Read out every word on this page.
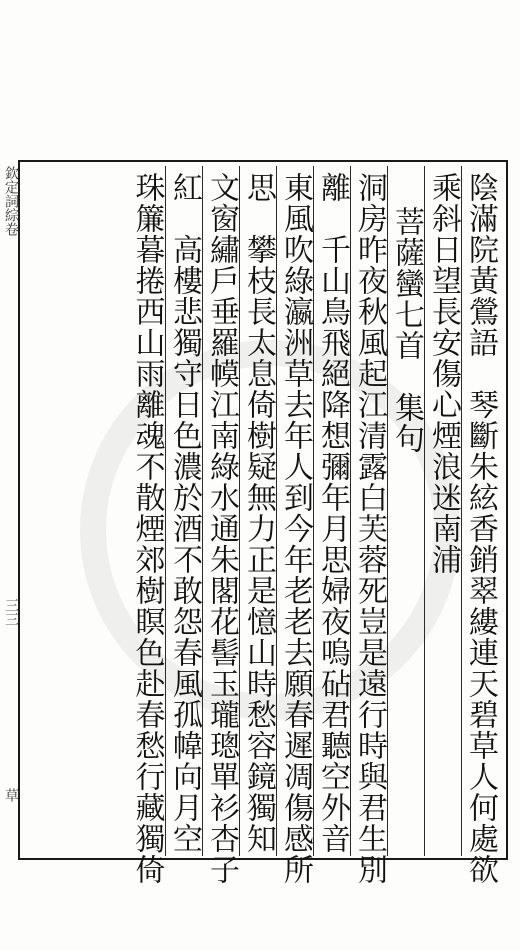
欽定詞綜卷  三三  草	陰滿院黃鶯語　琴斷朱絃香銷翠縷連天碧草人何處欲
乘斜日望長安傷心煙浪迷南浦
菩薩蠻七首　集句
洞房昨夜秋風起江清露白芙蓉死豈是遠行時與君生別
離　千山鳥飛絕降想彌年月思婦夜嗚砧君聽空外音
東風吹綠瀛洲草去年人到今年老老去願春遲凋傷感所
思　攀枝長太息倚樹疑無力正是憶山時愁容鏡獨知
文窗繡戶垂羅幙江南綠水通朱閣花髻玉瓏璁單衫杏子
紅　高樓悲獨守日色濃於酒不敢怨春風孤幃向月空
珠簾暮捲西山雨離魂不散煙郊樹瞑色赴春愁行藏獨倚
